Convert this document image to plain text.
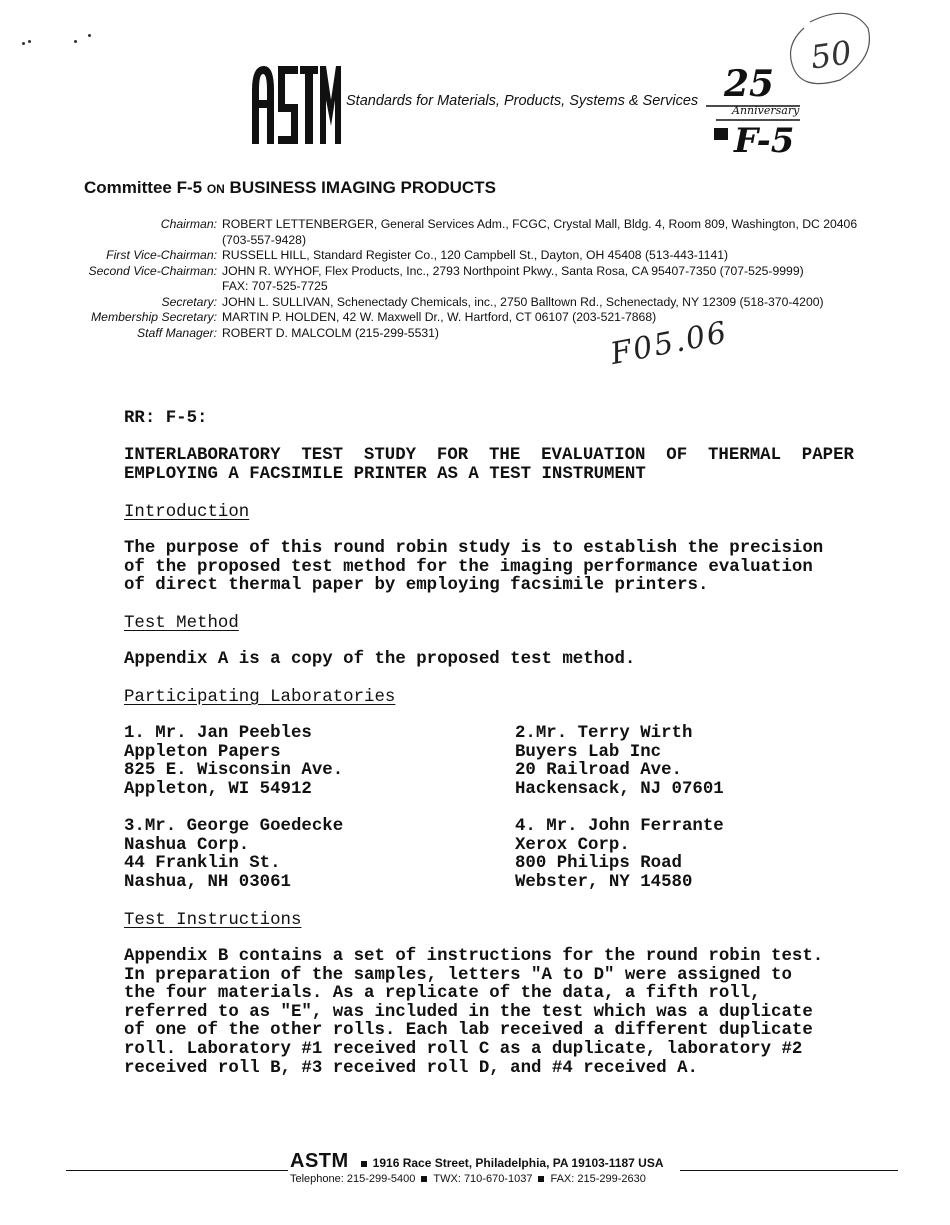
Standards for Materials, Products, Systems & Services 25
Anniversary
F-5
50
Committee F-5 ON BUSINESS IMAGING PRODUCTS
Chairman: ROBERT LETTENBERGER, General Services Adm., FCGC, Crystal Mall, Bldg. 4, Room 809, Washington, DC 20406
(703-557-9428)
First Vice-Chairman: RUSSELL HILL, Standard Register Co., 120 Campbell St., Dayton, OH 45408 (513-443-1141)
Second Vice-Chairman: JOHN R. WYHOF, Flex Products, Inc., 2793 Northpoint Pkwy., Santa Rosa, CA 95407-7350 (707-525-9999)
FAX: 707-525-7725
Secretary: JOHN L. SULLIVAN, Schenectady Chemicals, inc., 2750 Balltown Rd., Schenectady, NY 12309 (518-370-4200)
Membership Secretary: MARTIN P. HOLDEN, 42 W. Maxwell Dr., W. Hartford, CT 06107 (203-521-7868)
Staff Manager: ROBERT D. MALCOLM (215-299-5531)	F05.06
RR: F-5:
INTERLABORATORY TEST STUDY FOR THE EVALUATION OF THERMAL PAPER
EMPLOYING A FACSIMILE PRINTER AS A TEST INSTRUMENT
Introduction
The purpose of this round robin study is to establish the precision
of the proposed test method for the imaging performance evaluation
of direct thermal paper by employing facsimile printers.
Test Method
Appendix A is a copy of the proposed test method.
Participating Laboratories
1. Mr. Jan Peebles
Appleton Papers
825 E. Wisconsin Ave.
Appleton, WI 54912
2.Mr. Terry Wirth
Buyers Lab Inc
20 Railroad Ave.
Hackensack, NJ 07601
3.Mr. George Goedecke
Nashua Corp.
44 Franklin St.
Nashua, NH 03061
4. Mr. John Ferrante
Xerox Corp.
800 Philips Road
Webster, NY 14580
Test Instructions
Appendix B contains a set of instructions for the round robin test.
In preparation of the samples, letters "A to D" were assigned to
the four materials. As a replicate of the data, a fifth roll,
referred to as "E", was included in the test which was a duplicate
of one of the other rolls. Each lab received a different duplicate
roll. Laboratory #1 received roll C as a duplicate, laboratory #2
received roll B, #3 received roll D, and #4 received A.
ASTM 1916 Race Street, Philadelphia, PA 19103-1187 USA
Telephone: 215-299-5400 TWX: 710-670-1037 FAX: 215-299-2630
